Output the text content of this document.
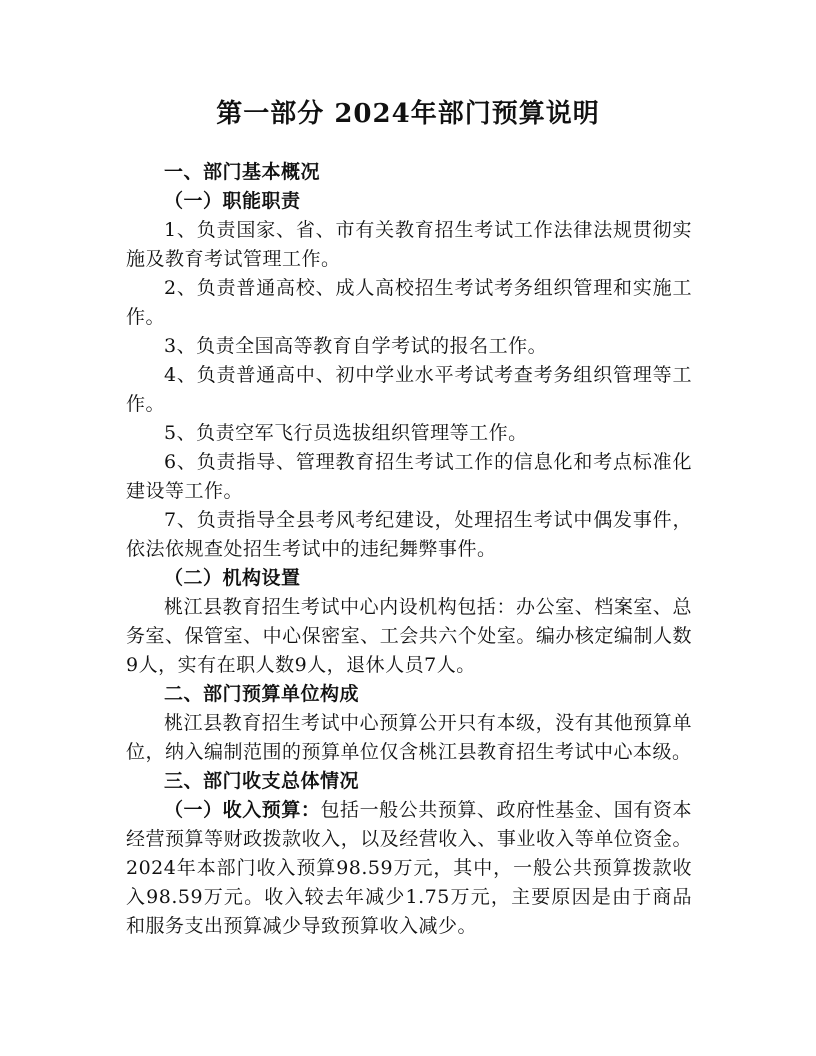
第一部分 2024年部门预算说明

一、部门基本概况

（一）职能职责

1、负责国家、省、市有关教育招生考试工作法律法规贯彻实施及教育考试管理工作。

2、负责普通高校、成人高校招生考试考务组织管理和实施工作。

3、负责全国高等教育自学考试的报名工作。

4、负责普通高中、初中学业水平考试考查考务组织管理等工作。

5、负责空军飞行员选拔组织管理等工作。

6、负责指导、管理教育招生考试工作的信息化和考点标准化建设等工作。

7、负责指导全县考风考纪建设，处理招生考试中偶发事件，依法依规查处招生考试中的违纪舞弊事件。

（二）机构设置

桃江县教育招生考试中心内设机构包括：办公室、档案室、总务室、保管室、中心保密室、工会共六个处室。编办核定编制人数9人，实有在职人数9人，退休人员7人。

二、部门预算单位构成

桃江县教育招生考试中心预算公开只有本级，没有其他预算单位，纳入编制范围的预算单位仅含桃江县教育招生考试中心本级。

三、部门收支总体情况

（一）收入预算：包括一般公共预算、政府性基金、国有资本经营预算等财政拨款收入，以及经营收入、事业收入等单位资金。2024年本部门收入预算98.59万元，其中，一般公共预算拨款收入98.59万元。收入较去年减少1.75万元，主要原因是由于商品和服务支出预算减少导致预算收入减少。
